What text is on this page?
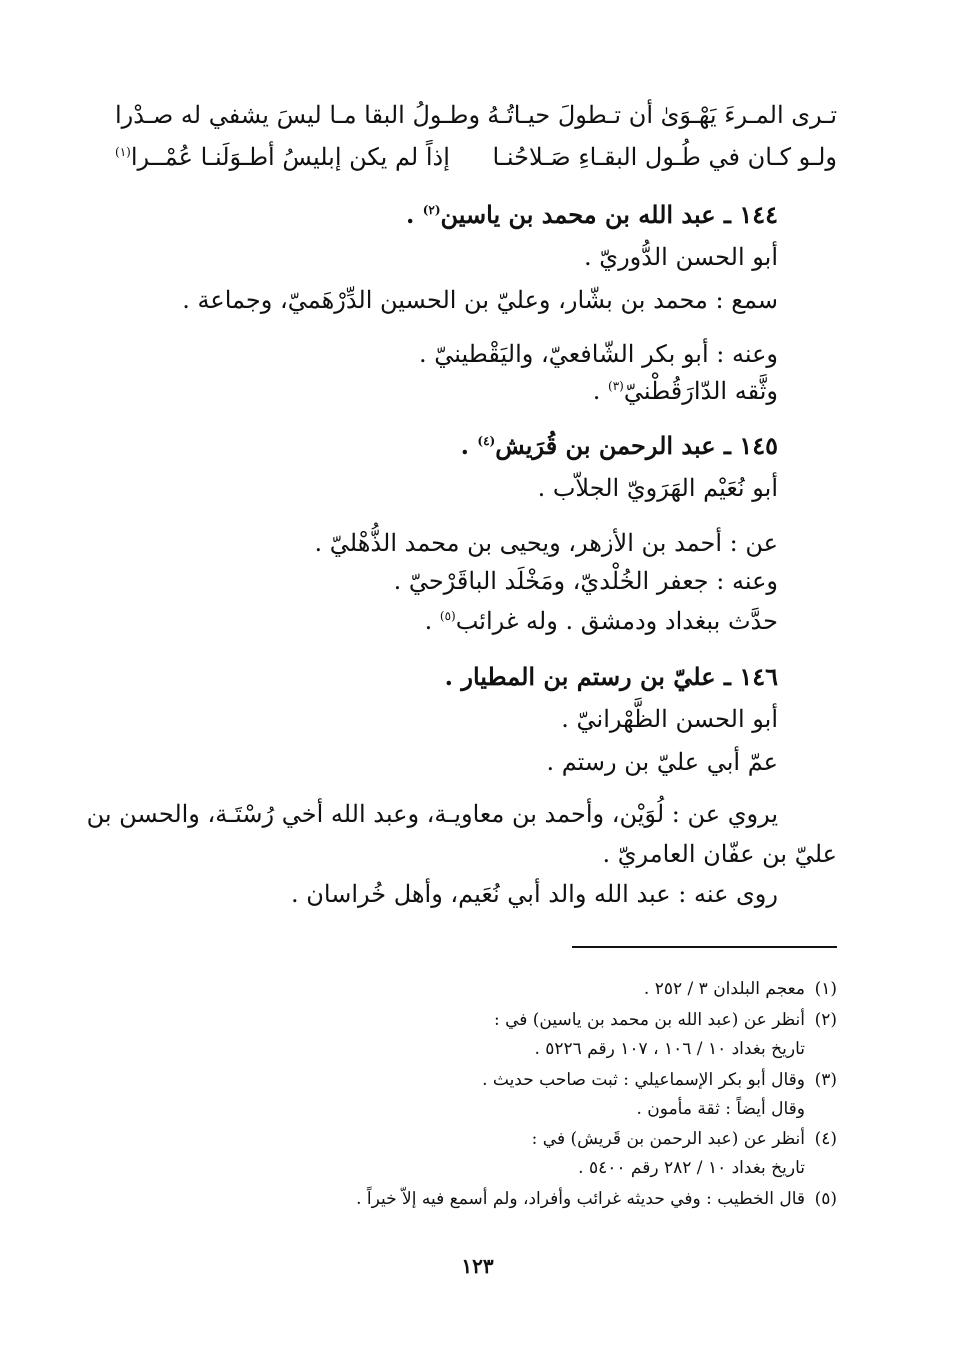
تـرى المـرءَ يَهْـوَىٰ أن تـطولَ حيـاتُـهُ
وطـولُ البقا مـا ليسَ يشفي له صـدْرا
ولـو كـان في طُـول البقـاءِ صَـلاحُنـا
إذاً لم يكن إبليسُ أطـوَلَنـا عُمْــرا$^{(١)}$
١٤٤ ـ عبد الله بن محمد بن ياسين$^{(٢)}$ .
أبو الحسن الدُّوريّ .
سمع : محمد بن بشّار، وعليّ بن الحسين الدِّرْهَميّ، وجماعة .
وعنه : أبو بكر الشّافعيّ، واليَقْطينيّ .
وثَّقه الدّارَقُطْنيّ$^{(٣)}$ .
١٤٥ ـ عبد الرحمن بن قُرَيش$^{(٤)}$ .
أبو نُعَيْم الهَرَويّ الجلاّب .
عن : أحمد بن الأزهر، ويحيى بن محمد الذُّهْليّ .
وعنه : جعفر الخُلْديّ، ومَخْلَد الباقَرْحيّ .
حدَّث ببغداد ودمشق . وله غرائب$^{(٥)}$ .
١٤٦ ـ عليّ بن رستم بن المطيار .
أبو الحسن الظَّهْرانيّ .
عمّ أبي عليّ بن رستم .
يروي عن : لُوَيْن، وأحمد بن معاويـة، وعبد الله أخي رُسْتَـة، والحسن بن
عليّ بن عفّان العامريّ .
روى عنه : عبد الله والد أبي نُعَيم، وأهل خُراسان .
(١)معجم البلدان ٣ / ٢٥٢ .
(٢)أنظر عن (عبد الله بن محمد بن ياسين) في :
تاريخ بغداد ١٠ / ١٠٦ ، ١٠٧ رقم ٥٢٢٦ .
(٣)وقال أبو بكر الإسماعيلي : ثبت صاحب حديث .
وقال أيضاً : ثقة مأمون .
(٤)أنظر عن (عبد الرحمن بن قَريش) في :
تاريخ بغداد ١٠ / ٢٨٢ رقم ٥٤٠٠ .
(٥)قال الخطيب : وفي حديثه غرائب وأفراد، ولم أسمع فيه إلاّ خيراً .
١٢٣
